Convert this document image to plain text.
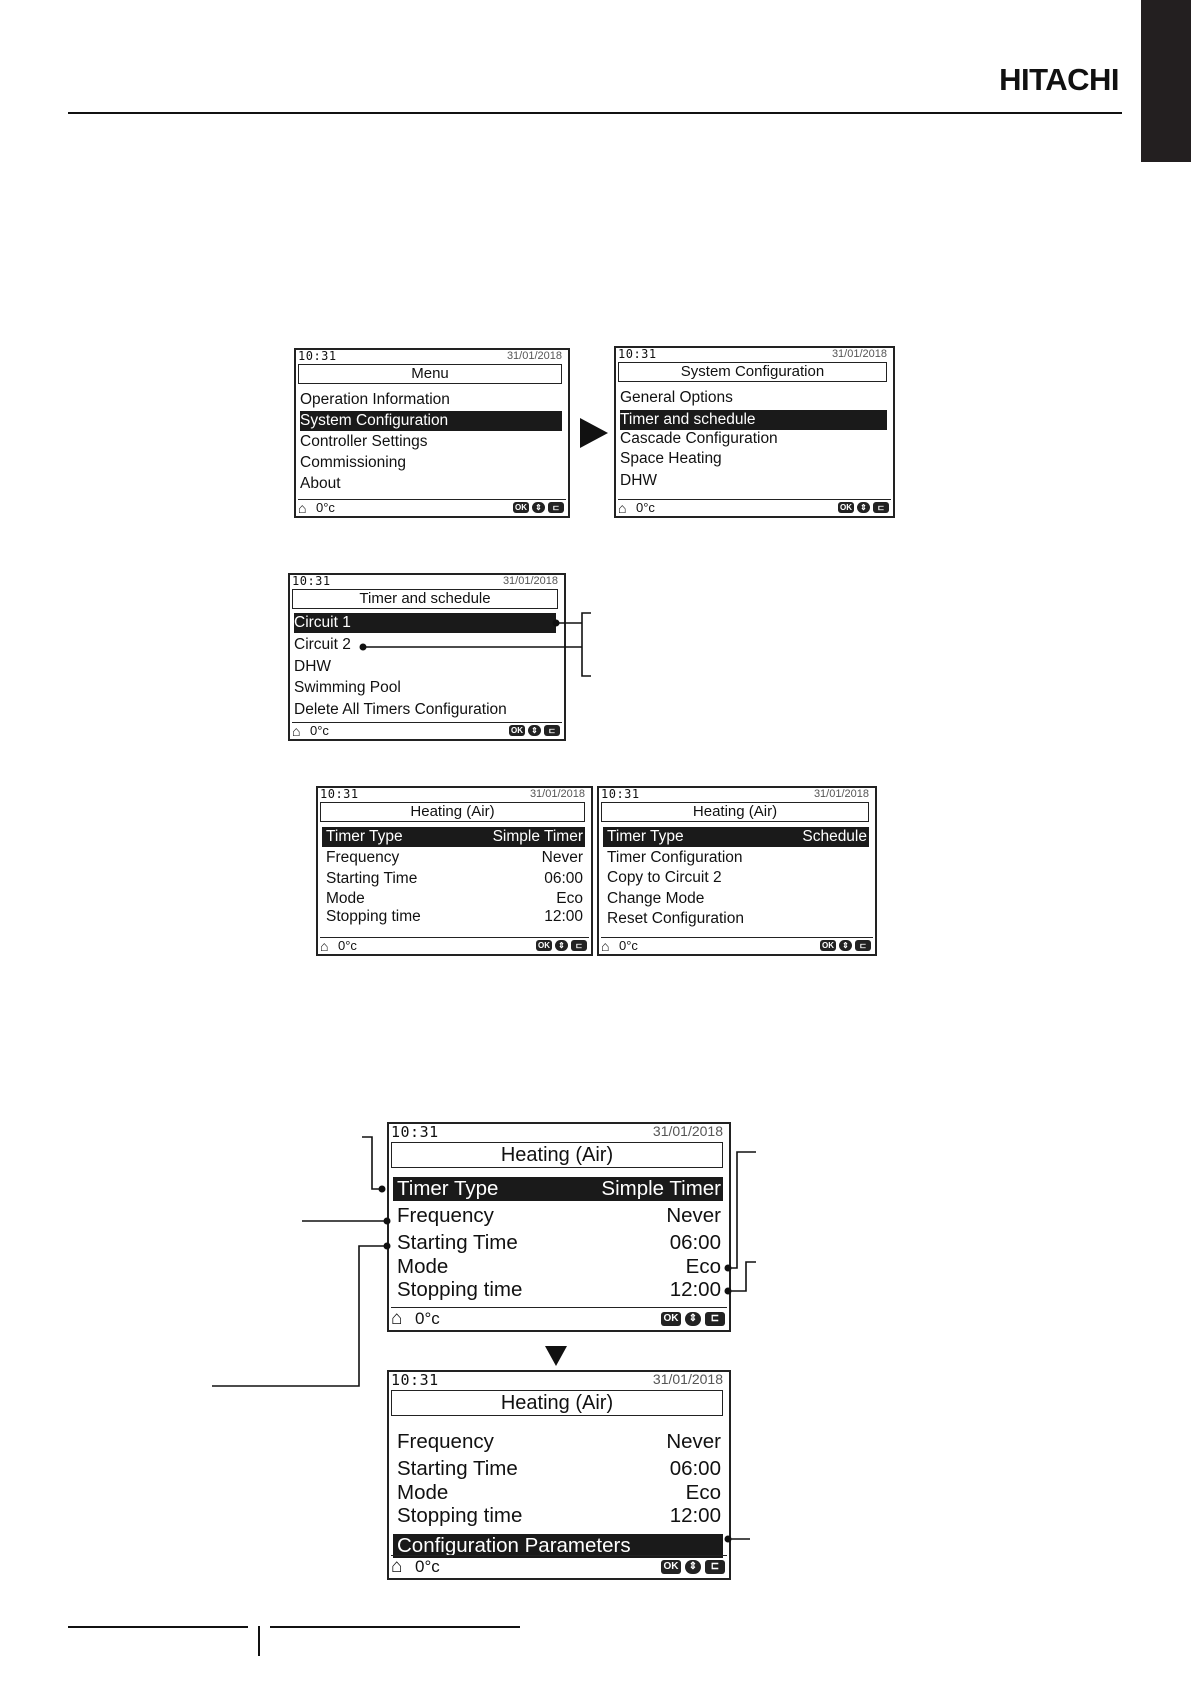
HITACHI
10:31	31/01/2018
Menu
Operation Information
System Configuration
Controller Settings
Commissioning
About
⌂ 0°c	OK	⇕	⊏
10:31	31/01/2018
System Configuration
General Options
Timer and schedule
Cascade Configuration
Space Heating
DHW
⌂ 0°c	OK	⇕	⊏
10:31	31/01/2018
Timer and schedule
Circuit 1
Circuit 2
DHW
Swimming Pool
Delete All Timers Configuration
⌂ 0°c	OK	⇕	⊏
10:31	31/01/2018
Heating (Air)
Timer Type	Simple Timer
Frequency	Never
Starting Time	06:00
Mode	Eco
Stopping time	12:00
⌂ 0°c	OK	⇕	⊏
10:31	31/01/2018
Heating (Air)
Timer Type	Schedule
Timer Configuration
Copy to Circuit 2
Change Mode
Reset Configuration
⌂ 0°c	OK	⇕	⊏
10:31	31/01/2018
Heating (Air)
Timer Type	Simple Timer
Frequency	Never
Starting Time	06:00
Mode	Eco
Stopping time	12:00
⌂ 0°c	OK	⇕	⊏
10:31	31/01/2018
Heating (Air)
Frequency	Never
Starting Time	06:00
Mode	Eco
Stopping time	12:00
Configuration Parameters
⌂ 0°c	OK	⇕	⊏
